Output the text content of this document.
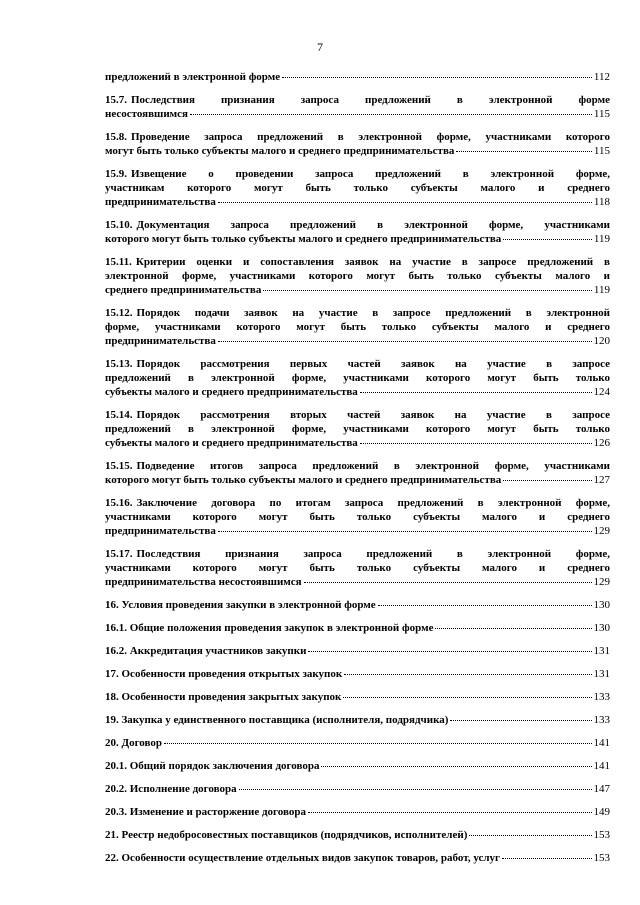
7
предложений в электронной форме	112
15.7. Последствия признания запроса предложений в электронной форме
несостоявшимся	115
15.8. Проведение запроса предложений в электронной форме, участниками которого
могут быть только субъекты малого и среднего предпринимательства	115
15.9. Извещение о проведении запроса предложений в электронной форме,
участникам которого могут быть только субъекты малого и среднего
предпринимательства	118
15.10. Документация запроса предложений в электронной форме, участниками
которого могут быть только субъекты малого и среднего предпринимательства	119
15.11. Критерии оценки и сопоставления заявок на участие в запросе предложений в
электронной форме, участниками которого могут быть только субъекты малого и
среднего предпринимательства	119
15.12. Порядок подачи заявок на участие в запросе предложений в электронной
форме, участниками которого могут быть только субъекты малого и среднего
предпринимательства	120
15.13. Порядок рассмотрения первых частей заявок на участие в запросе
предложений в электронной форме, участниками которого могут быть только
субъекты малого и среднего предпринимательства	124
15.14. Порядок рассмотрения вторых частей заявок на участие в запросе
предложений в электронной форме, участниками которого могут быть только
субъекты малого и среднего предпринимательства	126
15.15. Подведение итогов запроса предложений в электронной форме, участниками
которого могут быть только субъекты малого и среднего предпринимательства	127
15.16. Заключение договора по итогам запроса предложений в электронной форме,
участниками которого могут быть только субъекты малого и среднего
предпринимательства	129
15.17. Последствия признания запроса предложений в электронной форме,
участниками которого могут быть только субъекты малого и среднего
предпринимательства несостоявшимся	129
16. Условия проведения закупки в электронной форме	130
16.1. Общие положения проведения закупок в электронной форме	130
16.2. Аккредитация участников закупки	131
17. Особенности проведения открытых закупок	131
18. Особенности проведения закрытых закупок	133
19. Закупка у единственного поставщика (исполнителя, подрядчика)	133
20. Договор	141
20.1. Общий порядок заключения договора	141
20.2. Исполнение договора	147
20.3. Изменение и расторжение договора	149
21. Реестр недобросовестных поставщиков (подрядчиков, исполнителей)	153
22. Особенности осуществление отдельных видов закупок товаров, работ, услуг	153
